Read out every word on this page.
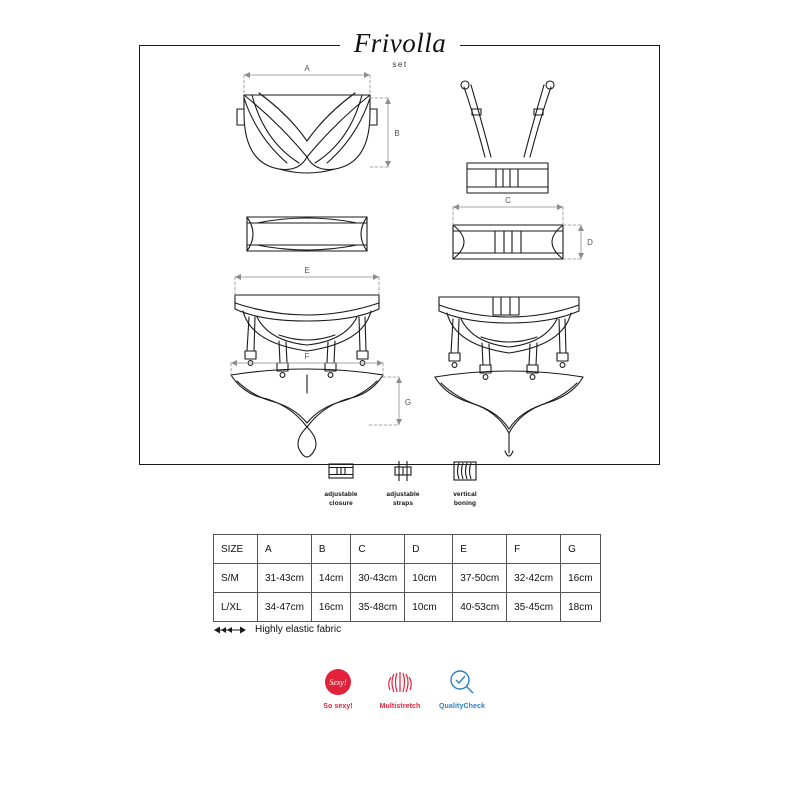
Frivolla
set
A
B
C
D
E
F
G
adjustable
closure
adjustable
straps
vertical
boning
SIZE	A	B	C	D	E	F	G
S/M	31-43cm	14cm	30-43cm	10cm	37-50cm	32-42cm	16cm
L/XL	34-47cm	16cm	35-48cm	10cm	40-53cm	35-45cm	18cm
Highly elastic fabric
Sexy!
So sexy!	Multistretch	QualityCheck
